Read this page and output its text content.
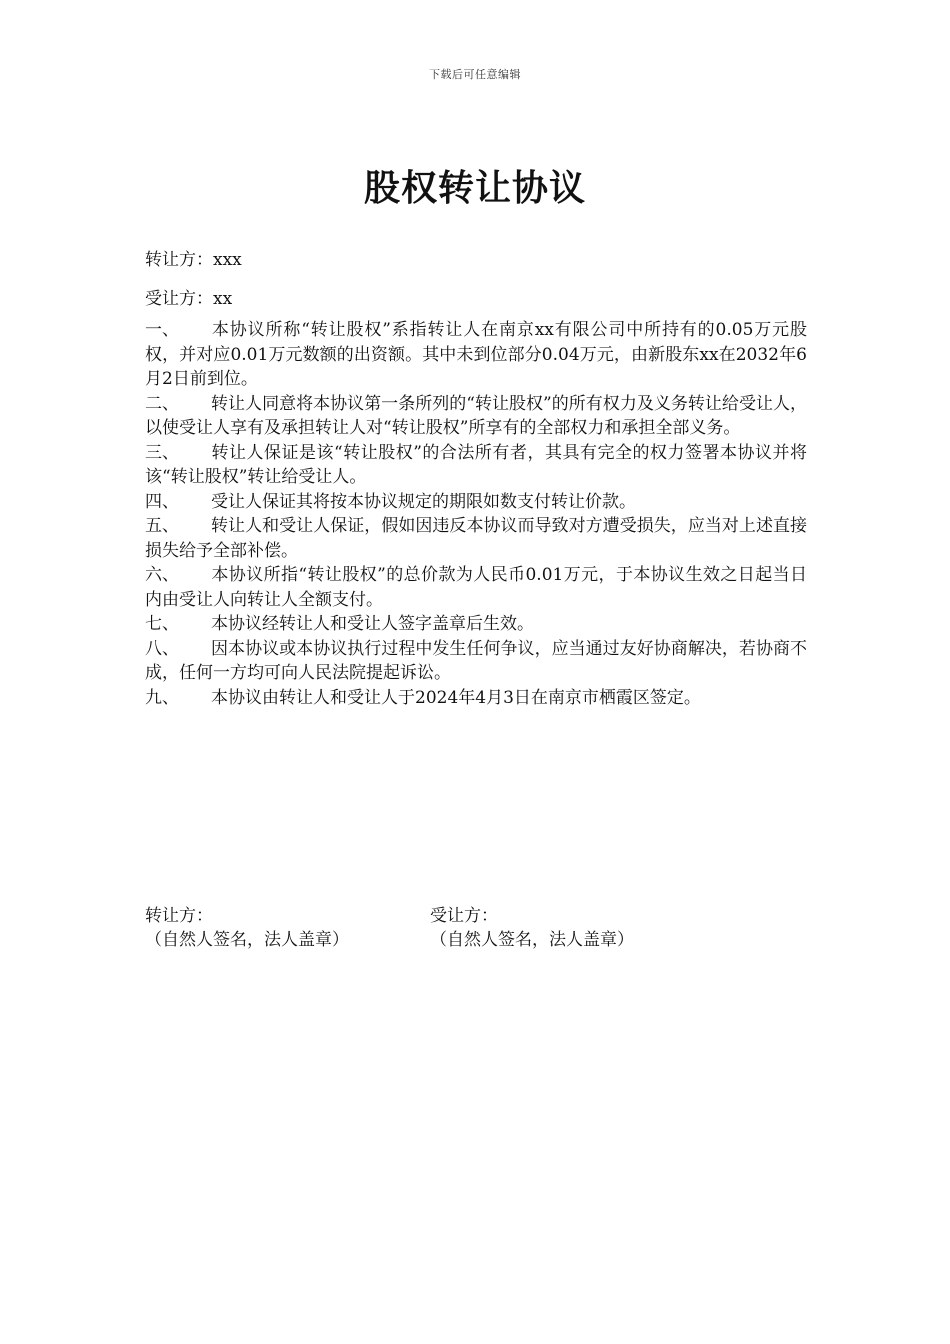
下载后可任意编辑
股权转让协议
转让方：xxx
受让方：xx

一、 本协议所称“转让股权”系指转让人在南京xx有限公司中所持有的0.05万元股权，并对应0.01万元数额的出资额。其中未到位部分0.04万元，由新股东xx在2032年6月2日前到位。

二、 转让人同意将本协议第一条所列的“转让股权”的所有权力及义务转让给受让人，以使受让人享有及承担转让人对“转让股权”所享有的全部权力和承担全部义务。

三、 转让人保证是该“转让股权”的合法所有者，其具有完全的权力签署本协议并将该“转让股权”转让给受让人。

四、 受让人保证其将按本协议规定的期限如数支付转让价款。

五、 转让人和受让人保证，假如因违反本协议而导致对方遭受损失，应当对上述直接损失给予全部补偿。

六、 本协议所指“转让股权”的总价款为人民币0.01万元，于本协议生效之日起当日内由受让人向转让人全额支付。

七、 本协议经转让人和受让人签字盖章后生效。

八、 因本协议或本协议执行过程中发生任何争议，应当通过友好协商解决，若协商不成，任何一方均可向人民法院提起诉讼。

九、 本协议由转让人和受让人于2024年4月3日在南京市栖霞区签定。

转让方：
（自然人签名，法人盖章）
受让方：
（自然人签名，法人盖章）
